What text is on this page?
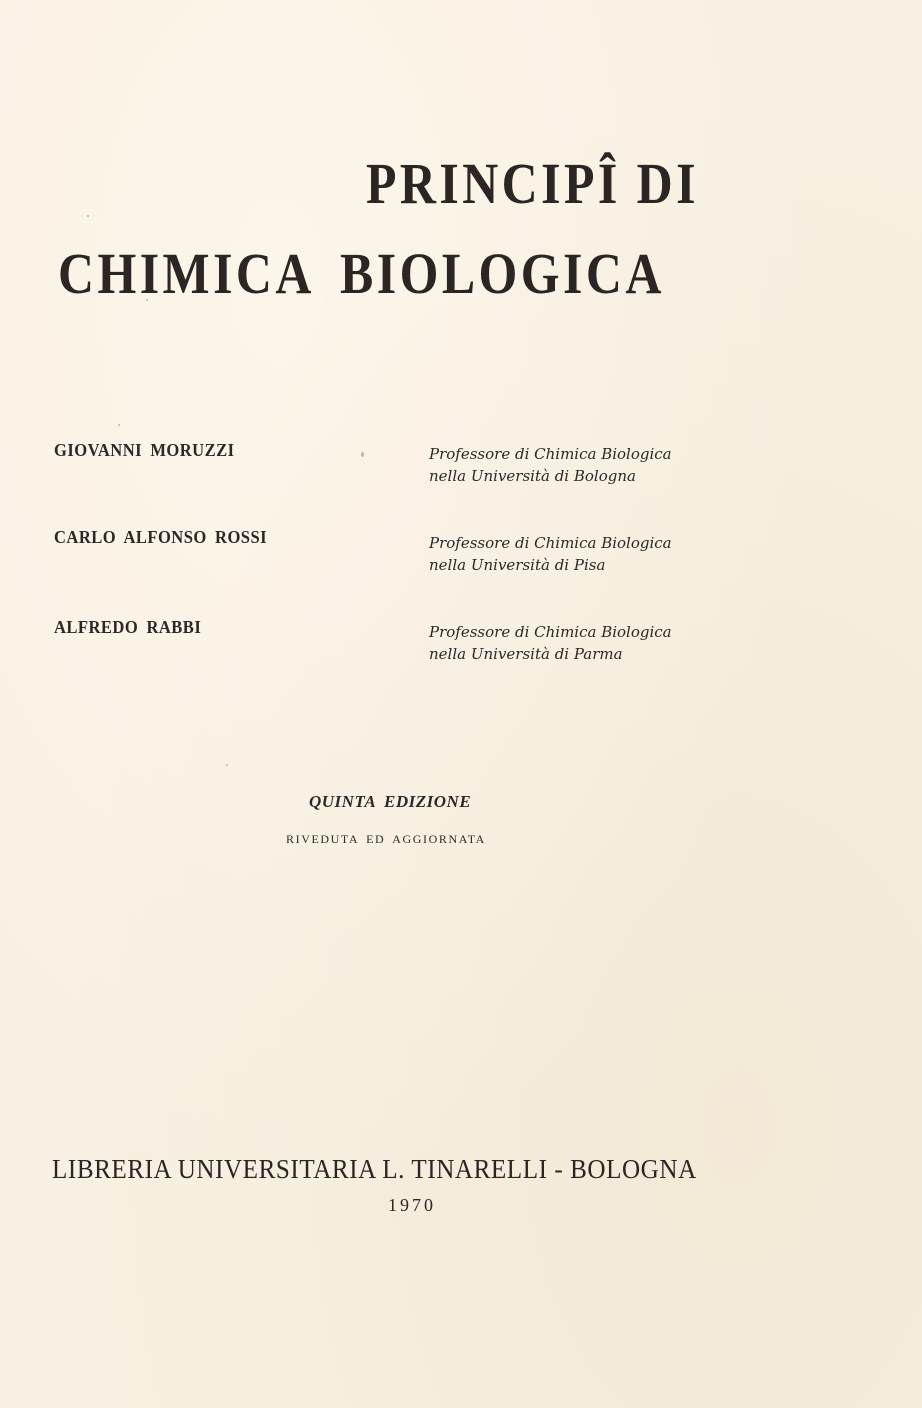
PRINCIPÎ DI
CHIMICA BIOLOGICA
GIOVANNI MORUZZI	Professore di Chimica Biologica
nella Università di Bologna
CARLO ALFONSO ROSSI	Professore di Chimica Biologica
nella Università di Pisa
ALFREDO RABBI	Professore di Chimica Biologica
nella Università di Parma
QUINTA EDIZIONE
RIVEDUTA ED AGGIORNATA
LIBRERIA UNIVERSITARIA L. TINARELLI - BOLOGNA
1970
